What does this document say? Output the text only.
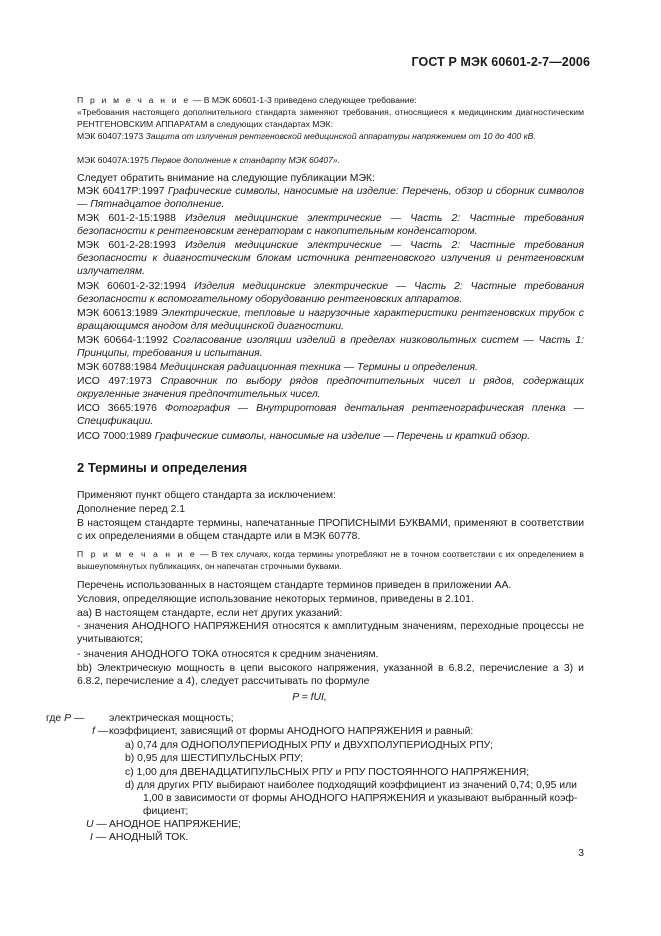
ГОСТ Р МЭК 60601-2-7—2006

П р и м е ч а н и е — В МЭК 60601-1-3 приведено следующее требование:

«Требования настоящего дополнительного стандарта заменяют требования, относящиеся к медицинским диагностическим РЕНТГЕНОВСКИМ АППАРАТАМ в следующих стандартах МЭК:

МЭК 60407:1973 Защита от излучения рентгеновской медицинской аппаратуры напряжением от 10 до 400 кВ.

МЭК 60407А:1975 Первое дополнение к стандарту МЭК 60407».

Следует обратить внимание на следующие публикации МЭК:

МЭК 60417P:1997 Графические символы, наносимые на изделие: Перечень, обзор и сборник символов — Пятнадцатое дополнение.

МЭК 601-2-15:1988 Изделия медицинские электрические — Часть 2: Частные требования безопасности к рентгеновским генераторам с накопительным конденсатором.

МЭК 601-2-28:1993 Изделия медицинские электрические — Часть 2: Частные требования безопасности к диагностическим блокам источника рентгеновского излучения и рентгеновским излучателям.

МЭК 60601-2-32:1994 Изделия медицинские электрические — Часть 2: Частные требования безопасности к вспомогательному оборудованию рентгеновских аппаратов.

МЭК 60613:1989 Электрические, тепловые и нагрузочные характеристики рентгеновских трубок с вращающимся анодом для медицинской диагностики.

МЭК 60664-1:1992 Согласование изоляции изделий в пределах низковольтных систем — Часть 1: Принципы, требования и испытания.

МЭК 60788:1984 Медицинская радиационная техника — Термины и определения.

ИСО 497:1973 Справочник по выбору рядов предпочтительных чисел и рядов, содержащих округленные значения предпочтительных чисел.

ИСО 3665:1976 Фотография — Внутриротовая дентальная рентгенографическая пленка — Спецификации.

ИСО 7000:1989 Графические символы, наносимые на изделие — Перечень и краткий обзор.

2 Термины и определения

Применяют пункт общего стандарта за исключением:

Дополнение перед 2.1

В настоящем стандарте термины, напечатанные ПРОПИСНЫМИ БУКВАМИ, применяют в соответствии с их определениями в общем стандарте или в МЭК 60778.

П р и м е ч а н и е — В тех случаях, когда термины употребляют не в точном соответствии с их определением в вышеупомянутых публикациях, он напечатан строчными буквами.

Перечень использованных в настоящем стандарте терминов приведен в приложении АА.

Условия, определяющие использование некоторых терминов, приведены в 2.101.

аа) В настоящем стандарте, если нет других указаний:

- значения АНОДНОГО НАПРЯЖЕНИЯ относятся к амплитудным значениям, переходные процессы не учитываются;

- значения АНОДНОГО ТОКА относятся к средним значениям.

bb) Электрическую мощность в цепи высокого напряжения, указанной в 6.8.2, перечисление а 3) и 6.8.2, перечисление а 4), следует рассчитывать по формуле

P = fUI,
где P — электрическая мощность;
f — коэффициент, зависящий от формы АНОДНОГО НАПРЯЖЕНИЯ и равный:
a) 0,74 для ОДНОПОЛУПЕРИОДНЫХ РПУ и ДВУХПОЛУПЕРИОДНЫХ РПУ;
b) 0,95 для ШЕСТИПУЛЬСНЫХ РПУ;
c) 1,00 для ДВЕНАДЦАТИПУЛЬСНЫХ РПУ и РПУ ПОСТОЯННОГО НАПРЯЖЕНИЯ;
d) для других РПУ выбирают наиболее подходящий коэффициент из значений 0,74; 0,95 или
1,00 в зависимости от формы АНОДНОГО НАПРЯЖЕНИЯ и указывают выбранный коэф-
фициент;
U — АНОДНОЕ НАПРЯЖЕНИЕ;
I — АНОДНЫЙ ТОК.
3
